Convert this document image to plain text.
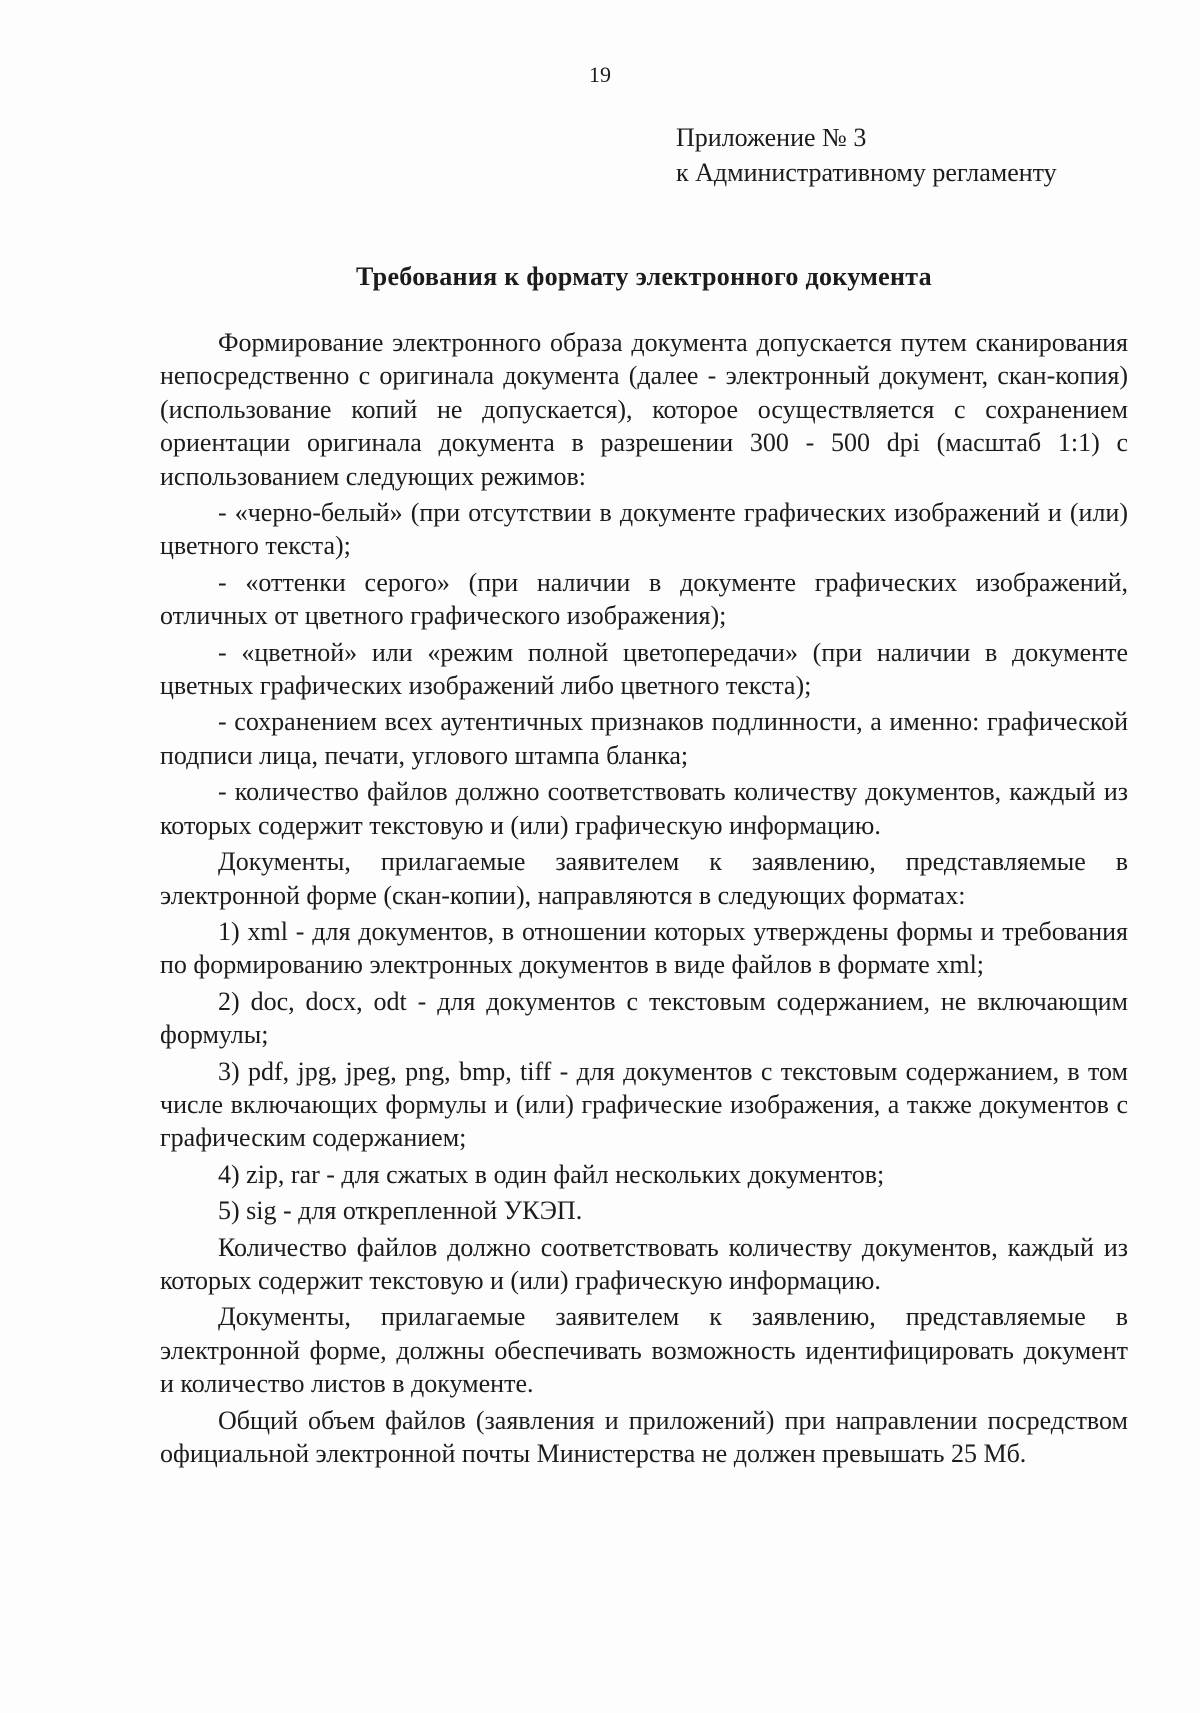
19
Приложение № 3
к Административному регламенту
Требования к формату электронного документа

Формирование электронного образа документа допускается путем сканирования непосредственно с оригинала документа (далее - электронный документ, скан-копия) (использование копий не допускается), которое осуществляется с сохранением ориентации оригинала документа в разрешении 300 - 500 dpi (масштаб 1:1) с использованием следующих режимов:

- «черно-белый» (при отсутствии в документе графических изображений и (или) цветного текста);

- «оттенки серого» (при наличии в документе графических изображений, отличных от цветного графического изображения);

- «цветной» или «режим полной цветопередачи» (при наличии в документе цветных графических изображений либо цветного текста);

- сохранением всех аутентичных признаков подлинности, а именно: графической подписи лица, печати, углового штампа бланка;

- количество файлов должно соответствовать количеству документов, каждый из которых содержит текстовую и (или) графическую информацию.

Документы, прилагаемые заявителем к заявлению, представляемые в электронной форме (скан-копии), направляются в следующих форматах:

1) xml - для документов, в отношении которых утверждены формы и требования по формированию электронных документов в виде файлов в формате xml;

2) doc, docx, odt - для документов с текстовым содержанием, не включающим формулы;

3) pdf, jpg, jpeg, png, bmp, tiff - для документов с текстовым содержанием, в том числе включающих формулы и (или) графические изображения, а также документов с графическим содержанием;

4) zip, rar - для сжатых в один файл нескольких документов;

5) sig - для открепленной УКЭП.

Количество файлов должно соответствовать количеству документов, каждый из которых содержит текстовую и (или) графическую информацию.

Документы, прилагаемые заявителем к заявлению, представляемые в электронной форме, должны обеспечивать возможность идентифицировать документ и количество листов в документе.

Общий объем файлов (заявления и приложений) при направлении посредством официальной электронной почты Министерства не должен превышать 25 Мб.
